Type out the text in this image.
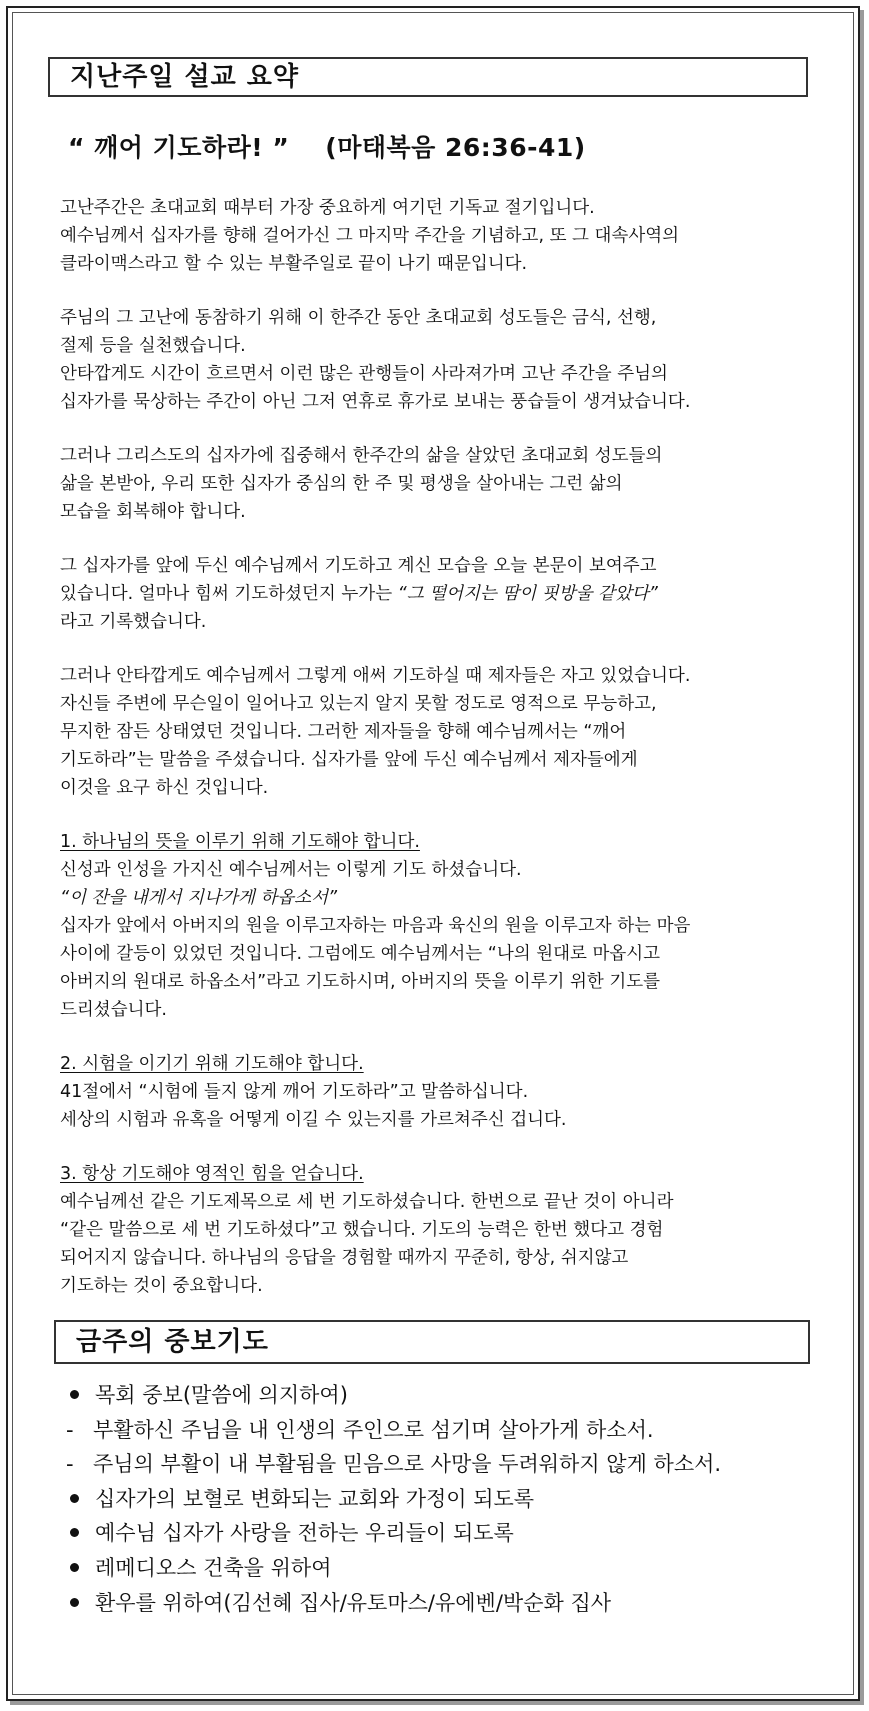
지난주일 설교 요약
“ 깨어 기도하라! ” (마태복음 26:36-41)

고난주간은 초대교회 때부터 가장 중요하게 여기던 기독교 절기입니다.
예수님께서 십자가를 향해 걸어가신 그 마지막 주간을 기념하고, 또 그 대속사역의
클라이맥스라고 할 수 있는 부활주일로 끝이 나기 때문입니다.

주님의 그 고난에 동참하기 위해 이 한주간 동안 초대교회 성도들은 금식, 선행,
절제 등을 실천했습니다.
안타깝게도 시간이 흐르면서 이런 많은 관행들이 사라져가며 고난 주간을 주님의
십자가를 묵상하는 주간이 아닌 그저 연휴로 휴가로 보내는 풍습들이 생겨났습니다.

그러나 그리스도의 십자가에 집중해서 한주간의 삶을 살았던 초대교회 성도들의
삶을 본받아, 우리 또한 십자가 중심의 한 주 및 평생을 살아내는 그런 삶의
모습을 회복해야 합니다.

그 십자가를 앞에 두신 예수님께서 기도하고 계신 모습을 오늘 본문이 보여주고
있습니다. 얼마나 힘써 기도하셨던지 누가는 “그 떨어지는 땀이 핏방울 같았다”
라고 기록했습니다.

그러나 안타깝게도 예수님께서 그렇게 애써 기도하실 때 제자들은 자고 있었습니다.
자신들 주변에 무슨일이 일어나고 있는지 알지 못할 정도로 영적으로 무능하고,
무지한 잠든 상태였던 것입니다. 그러한 제자들을 향해 예수님께서는 “깨어
기도하라”는 말씀을 주셨습니다. 십자가를 앞에 두신 예수님께서 제자들에게
이것을 요구 하신 것입니다.

1. 하나님의 뜻을 이루기 위해 기도해야 합니다.
신성과 인성을 가지신 예수님께서는 이렇게 기도 하셨습니다.
“이 잔을 내게서 지나가게 하옵소서”
십자가 앞에서 아버지의 원을 이루고자하는 마음과 육신의 원을 이루고자 하는 마음
사이에 갈등이 있었던 것입니다. 그럼에도 예수님께서는 “나의 원대로 마옵시고
아버지의 원대로 하옵소서”라고 기도하시며, 아버지의 뜻을 이루기 위한 기도를
드리셨습니다.

2. 시험을 이기기 위해 기도해야 합니다.
41절에서 “시험에 들지 않게 깨어 기도하라”고 말씀하십니다.
세상의 시험과 유혹을 어떻게 이길 수 있는지를 가르쳐주신 겁니다.

3. 항상 기도해야 영적인 힘을 얻습니다.
예수님께선 같은 기도제목으로 세 번 기도하셨습니다. 한번으로 끝난 것이 아니라
“같은 말씀으로 세 번 기도하셨다”고 했습니다. 기도의 능력은 한번 했다고 경험
되어지지 않습니다. 하나님의 응답을 경험할 때까지 꾸준히, 항상, 쉬지않고
기도하는 것이 중요합니다.

금주의 중보기도
목회 중보(말씀에 의지하여)
- 부활하신 주님을 내 인생의 주인으로 섬기며 살아가게 하소서.
- 주님의 부활이 내 부활됨을 믿음으로 사망을 두려워하지 않게 하소서.
십자가의 보혈로 변화되는 교회와 가정이 되도록
예수님 십자가 사랑을 전하는 우리들이 되도록
레메디오스 건축을 위하여
환우를 위하여(김선혜 집사/유토마스/유에벤/박순화 집사
